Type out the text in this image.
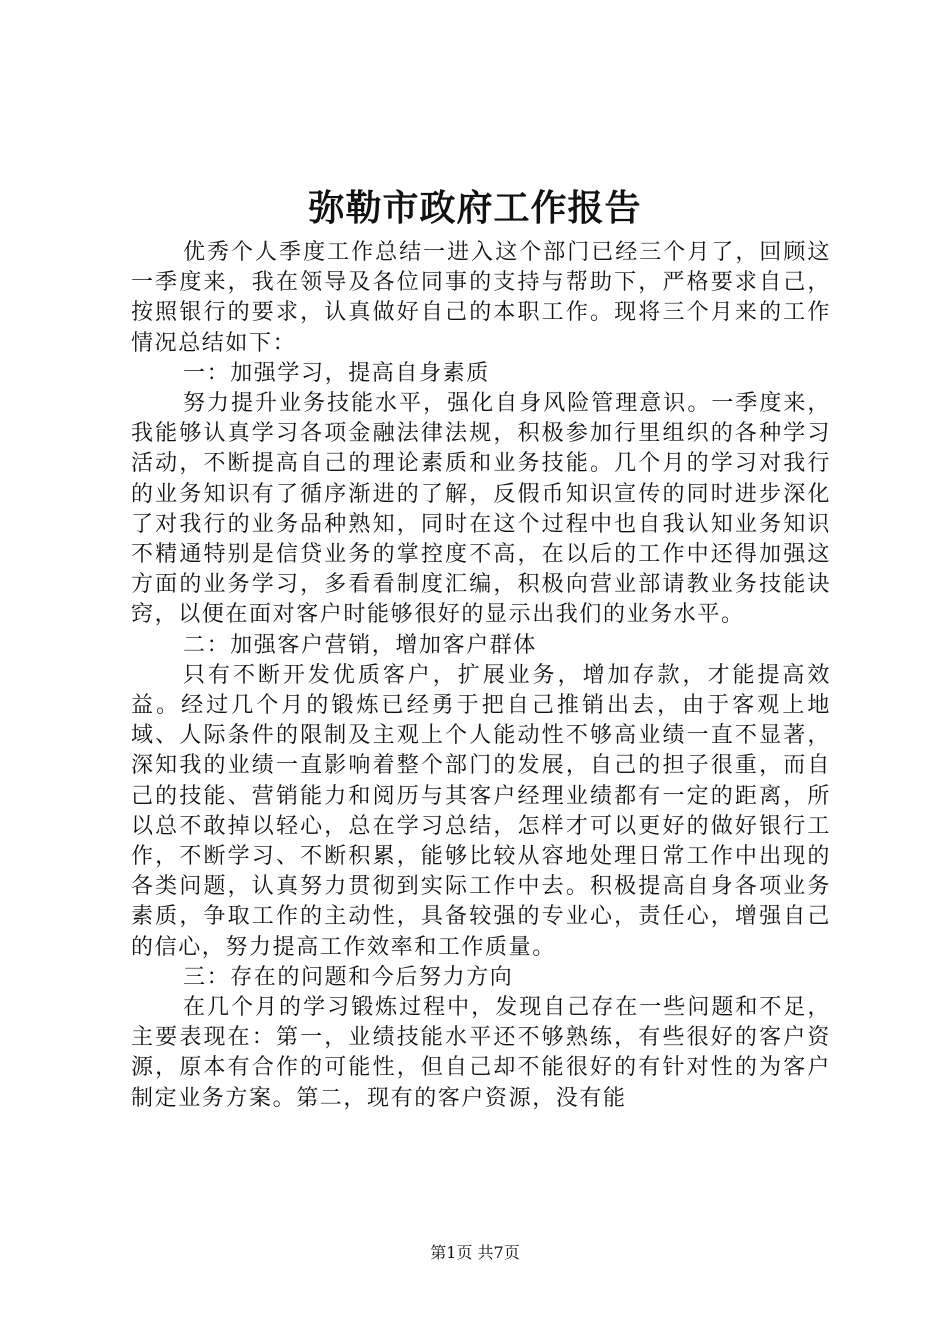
弥勒市政府工作报告

优秀个人季度工作总结一进入这个部门已经三个月了，回顾这一季度来，我在领导及各位同事的支持与帮助下，严格要求自己，按照银行的要求，认真做好自己的本职工作。现将三个月来的工作情况总结如下：

一：加强学习，提高自身素质

努力提升业务技能水平，强化自身风险管理意识。一季度来，我能够认真学习各项金融法律法规，积极参加行里组织的各种学习活动，不断提高自己的理论素质和业务技能。几个月的学习对我行的业务知识有了循序渐进的了解，反假币知识宣传的同时进步深化了对我行的业务品种熟知，同时在这个过程中也自我认知业务知识不精通特别是信贷业务的掌控度不高，在以后的工作中还得加强这方面的业务学习，多看看制度汇编，积极向营业部请教业务技能诀窍，以便在面对客户时能够很好的显示出我们的业务水平。

二：加强客户营销，增加客户群体

只有不断开发优质客户，扩展业务，增加存款，才能提高效益。经过几个月的锻炼已经勇于把自己推销出去，由于客观上地域、人际条件的限制及主观上个人能动性不够高业绩一直不显著，深知我的业绩一直影响着整个部门的发展，自己的担子很重，而自己的技能、营销能力和阅历与其客户经理业绩都有一定的距离，所以总不敢掉以轻心，总在学习总结，怎样才可以更好的做好银行工作，不断学习、不断积累，能够比较从容地处理日常工作中出现的各类问题，认真努力贯彻到实际工作中去。积极提高自身各项业务素质，争取工作的主动性，具备较强的专业心，责任心，增强自己的信心，努力提高工作效率和工作质量。

三：存在的问题和今后努力方向

在几个月的学习锻炼过程中，发现自己存在一些问题和不足，主要表现在：第一，业绩技能水平还不够熟练，有些很好的客户资源，原本有合作的可能性，但自己却不能很好的有针对性的为客户制定业务方案。第二，现有的客户资源，没有能

第1页 共7页
